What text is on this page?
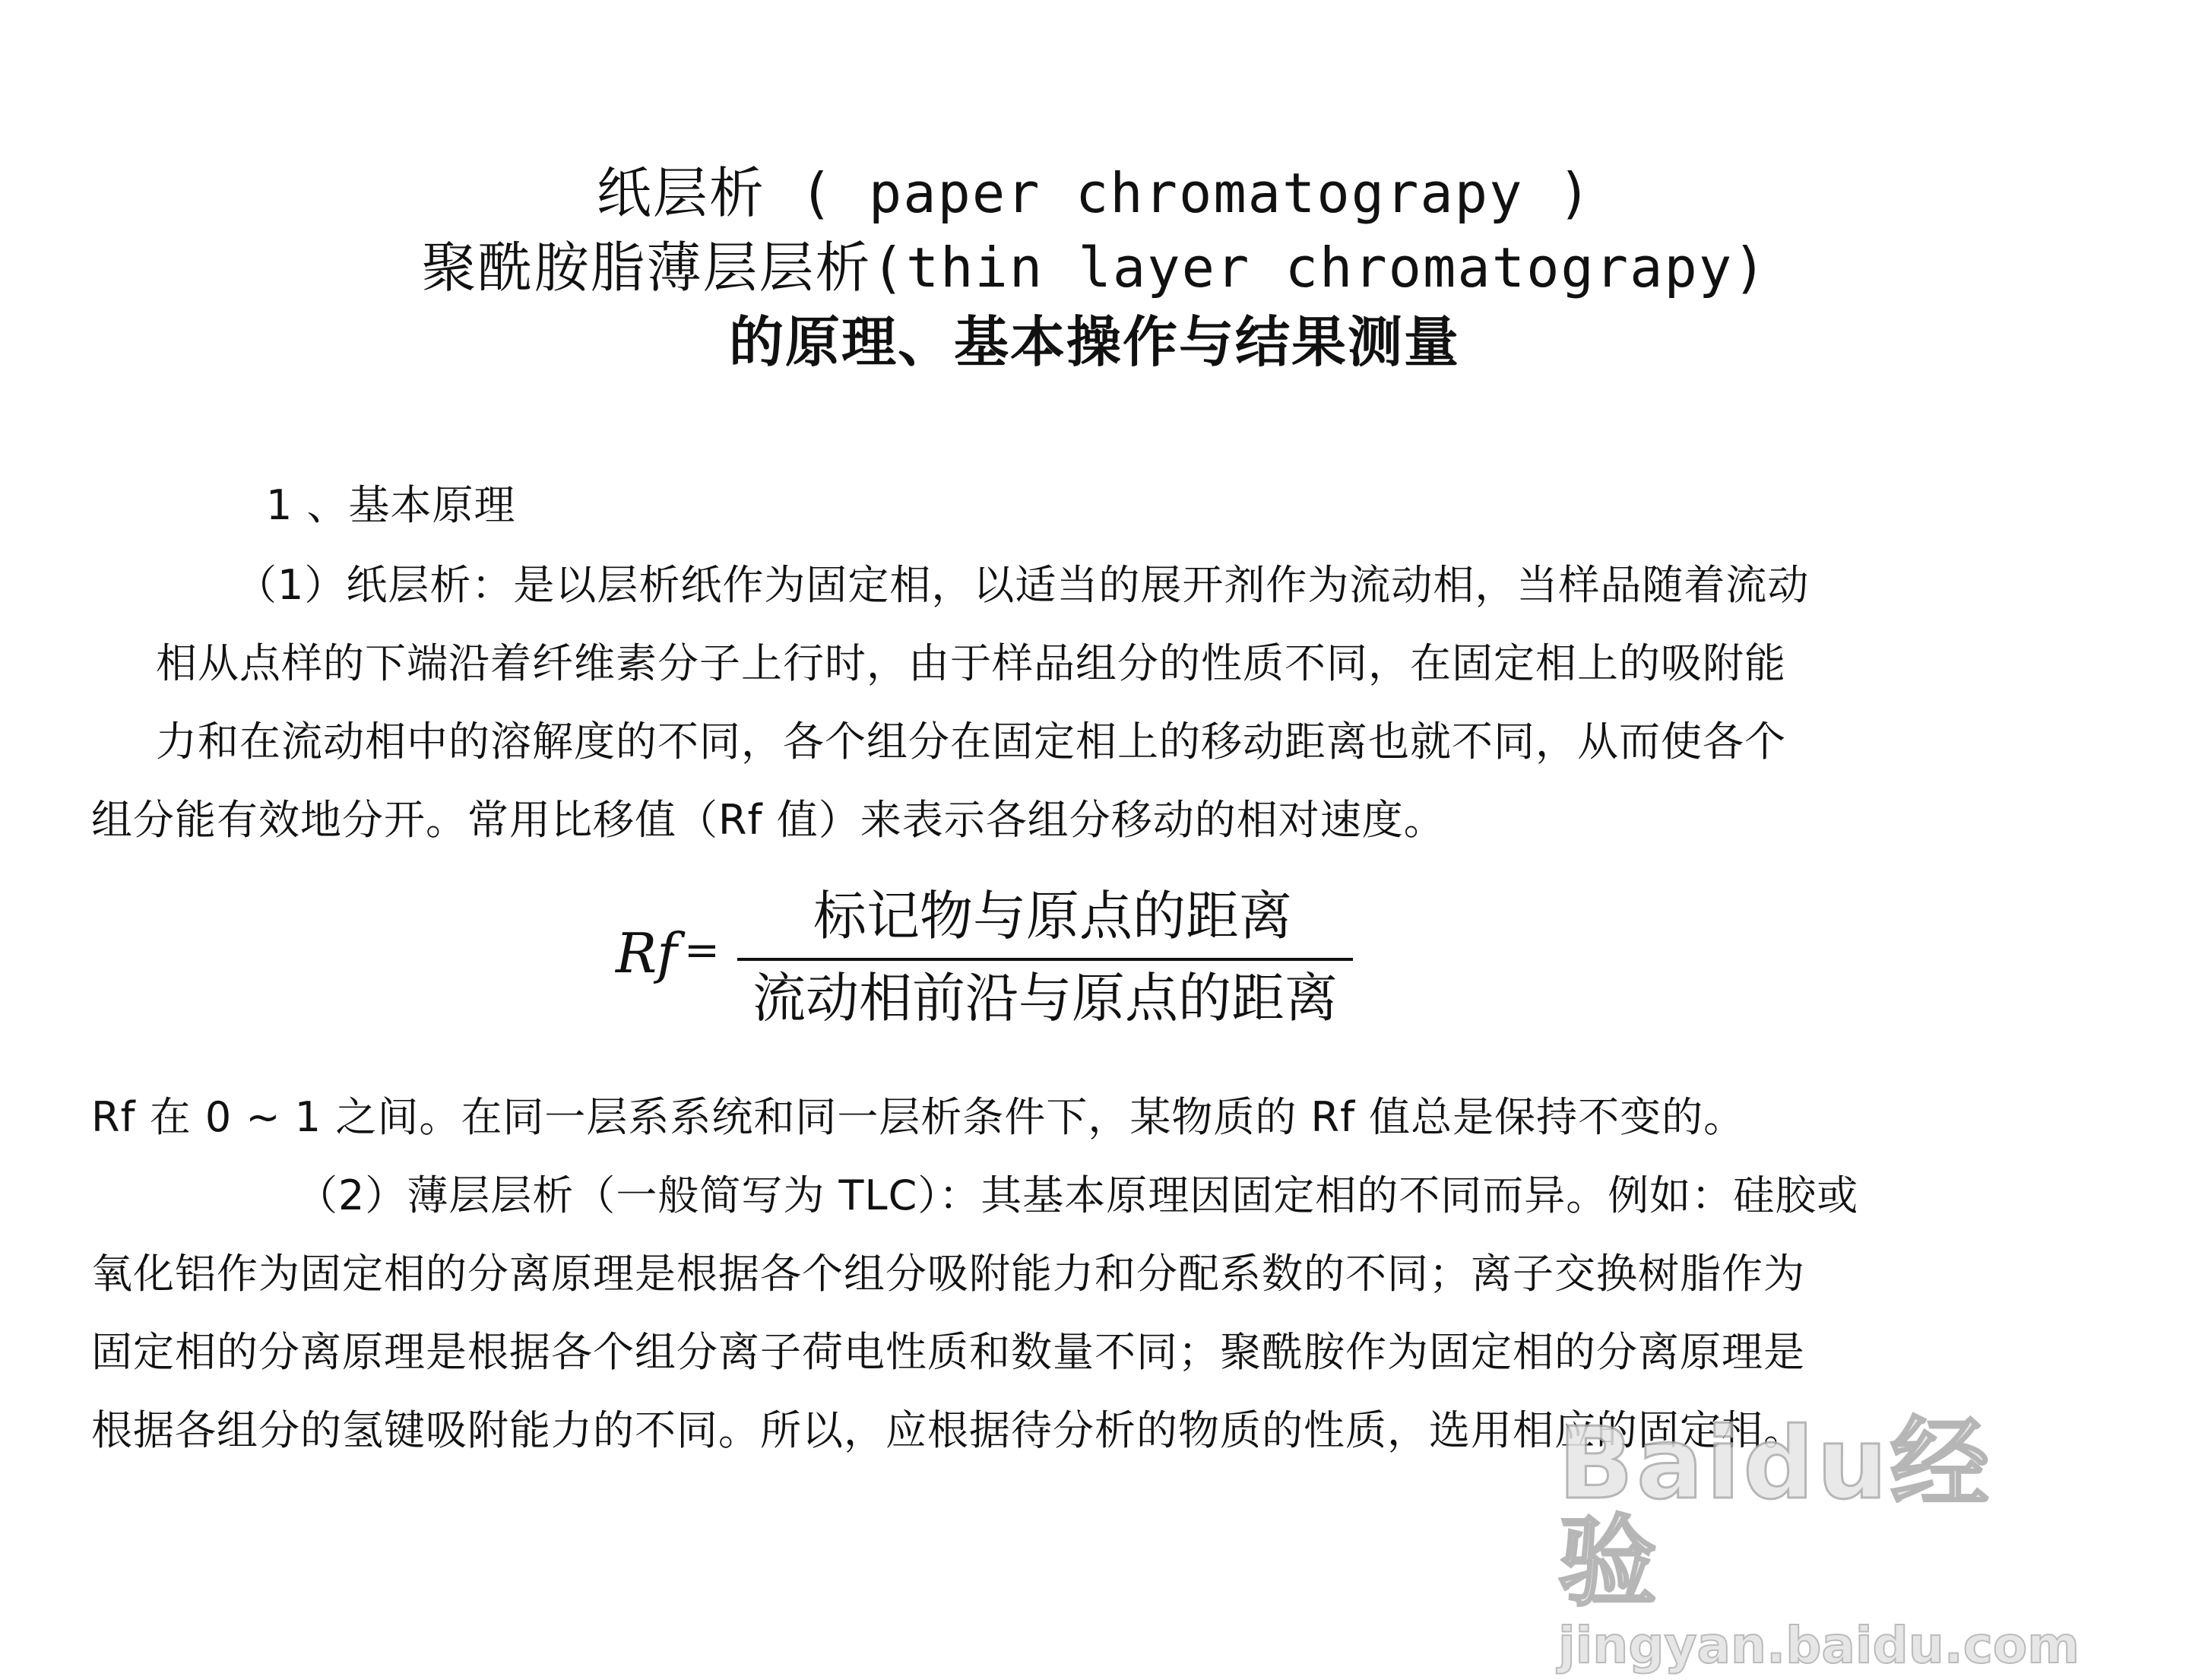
纸层析 ( paper chromatograpy )
聚酰胺脂薄层层析(thin layer chromatograpy)
的原理、基本操作与结果测量
1 、基本原理
（1）纸层析：是以层析纸作为固定相，以适当的展开剂作为流动相，当样品随着流动
相从点样的下端沿着纤维素分子上行时，由于样品组分的性质不同，在固定相上的吸附能
力和在流动相中的溶解度的不同，各个组分在固定相上的移动距离也就不同，从而使各个
组分能有效地分开。常用比移值（Rf 值）来表示各组分移动的相对速度。
Rf =
标记物与原点的距离
流动相前沿与原点的距离
Rf 在 0 ~ 1 之间。在同一层系系统和同一层析条件下，某物质的 Rf 值总是保持不变的。
（2）薄层层析（一般简写为 TLC）：其基本原理因固定相的不同而异。例如：硅胶或
氧化铝作为固定相的分离原理是根据各个组分吸附能力和分配系数的不同；离子交换树脂作为
固定相的分离原理是根据各个组分离子荷电性质和数量不同；聚酰胺作为固定相的分离原理是
根据各组分的氢键吸附能力的不同。所以，应根据待分析的物质的性质，选用相应的固定相。
Baidu经验
jingyan.baidu.com
